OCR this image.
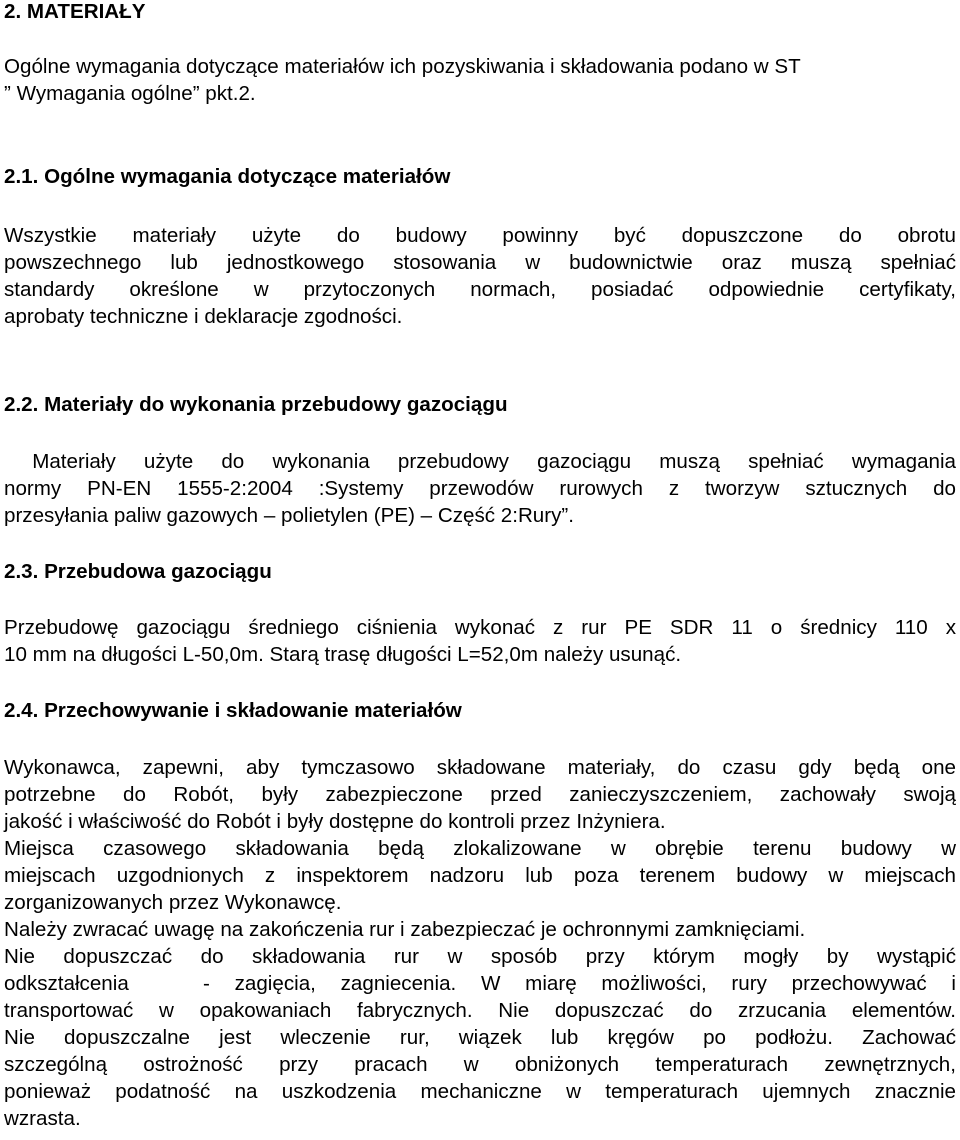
2. MATERIAŁY
Ogólne wymagania dotyczące materiałów ich pozyskiwania i składowania podano w ST
” Wymagania ogólne” pkt.2.
2.1. Ogólne wymagania dotyczące materiałów
Wszystkie materiały użyte do budowy powinny być dopuszczone do obrotu
powszechnego lub jednostkowego stosowania w budownictwie oraz muszą spełniać
standardy określone w przytoczonych normach, posiadać odpowiednie certyfikaty,
aprobaty techniczne i deklaracje zgodności.
2.2. Materiały do wykonania przebudowy gazociągu
Materiały użyte do wykonania przebudowy gazociągu muszą spełniać wymagania
normy PN-EN 1555-2:2004 :Systemy przewodów rurowych z tworzyw sztucznych do
przesyłania paliw gazowych – polietylen (PE) – Część 2:Rury”.
2.3. Przebudowa gazociągu
Przebudowę gazociągu średniego ciśnienia wykonać z rur PE SDR 11 o średnicy 110 x
10 mm na długości L-50,0m. Starą trasę długości L=52,0m należy usunąć.
2.4. Przechowywanie i składowanie materiałów
Wykonawca, zapewni, aby tymczasowo składowane materiały, do czasu gdy będą one
potrzebne do Robót, były zabezpieczone przed zanieczyszczeniem, zachowały swoją
jakość i właściwość do Robót i były dostępne do kontroli przez Inżyniera.
Miejsca czasowego składowania będą zlokalizowane w obrębie terenu budowy w
miejscach uzgodnionych z inspektorem nadzoru lub poza terenem budowy w miejscach
zorganizowanych przez Wykonawcę.
Należy zwracać uwagę na zakończenia rur i zabezpieczać je ochronnymi zamknięciami.
Nie dopuszczać do składowania rur w sposób przy którym mogły by wystąpić
odkształcenia   - zagięcia, zagniecenia. W miarę możliwości, rury przechowywać i
transportować w opakowaniach fabrycznych. Nie dopuszczać do zrzucania elementów.
Nie dopuszczalne jest wleczenie rur, wiązek lub kręgów po podłożu. Zachować
szczególną ostrożność przy pracach w obniżonych temperaturach zewnętrznych,
ponieważ podatność na uszkodzenia mechaniczne w temperaturach ujemnych znacznie
wzrasta.
